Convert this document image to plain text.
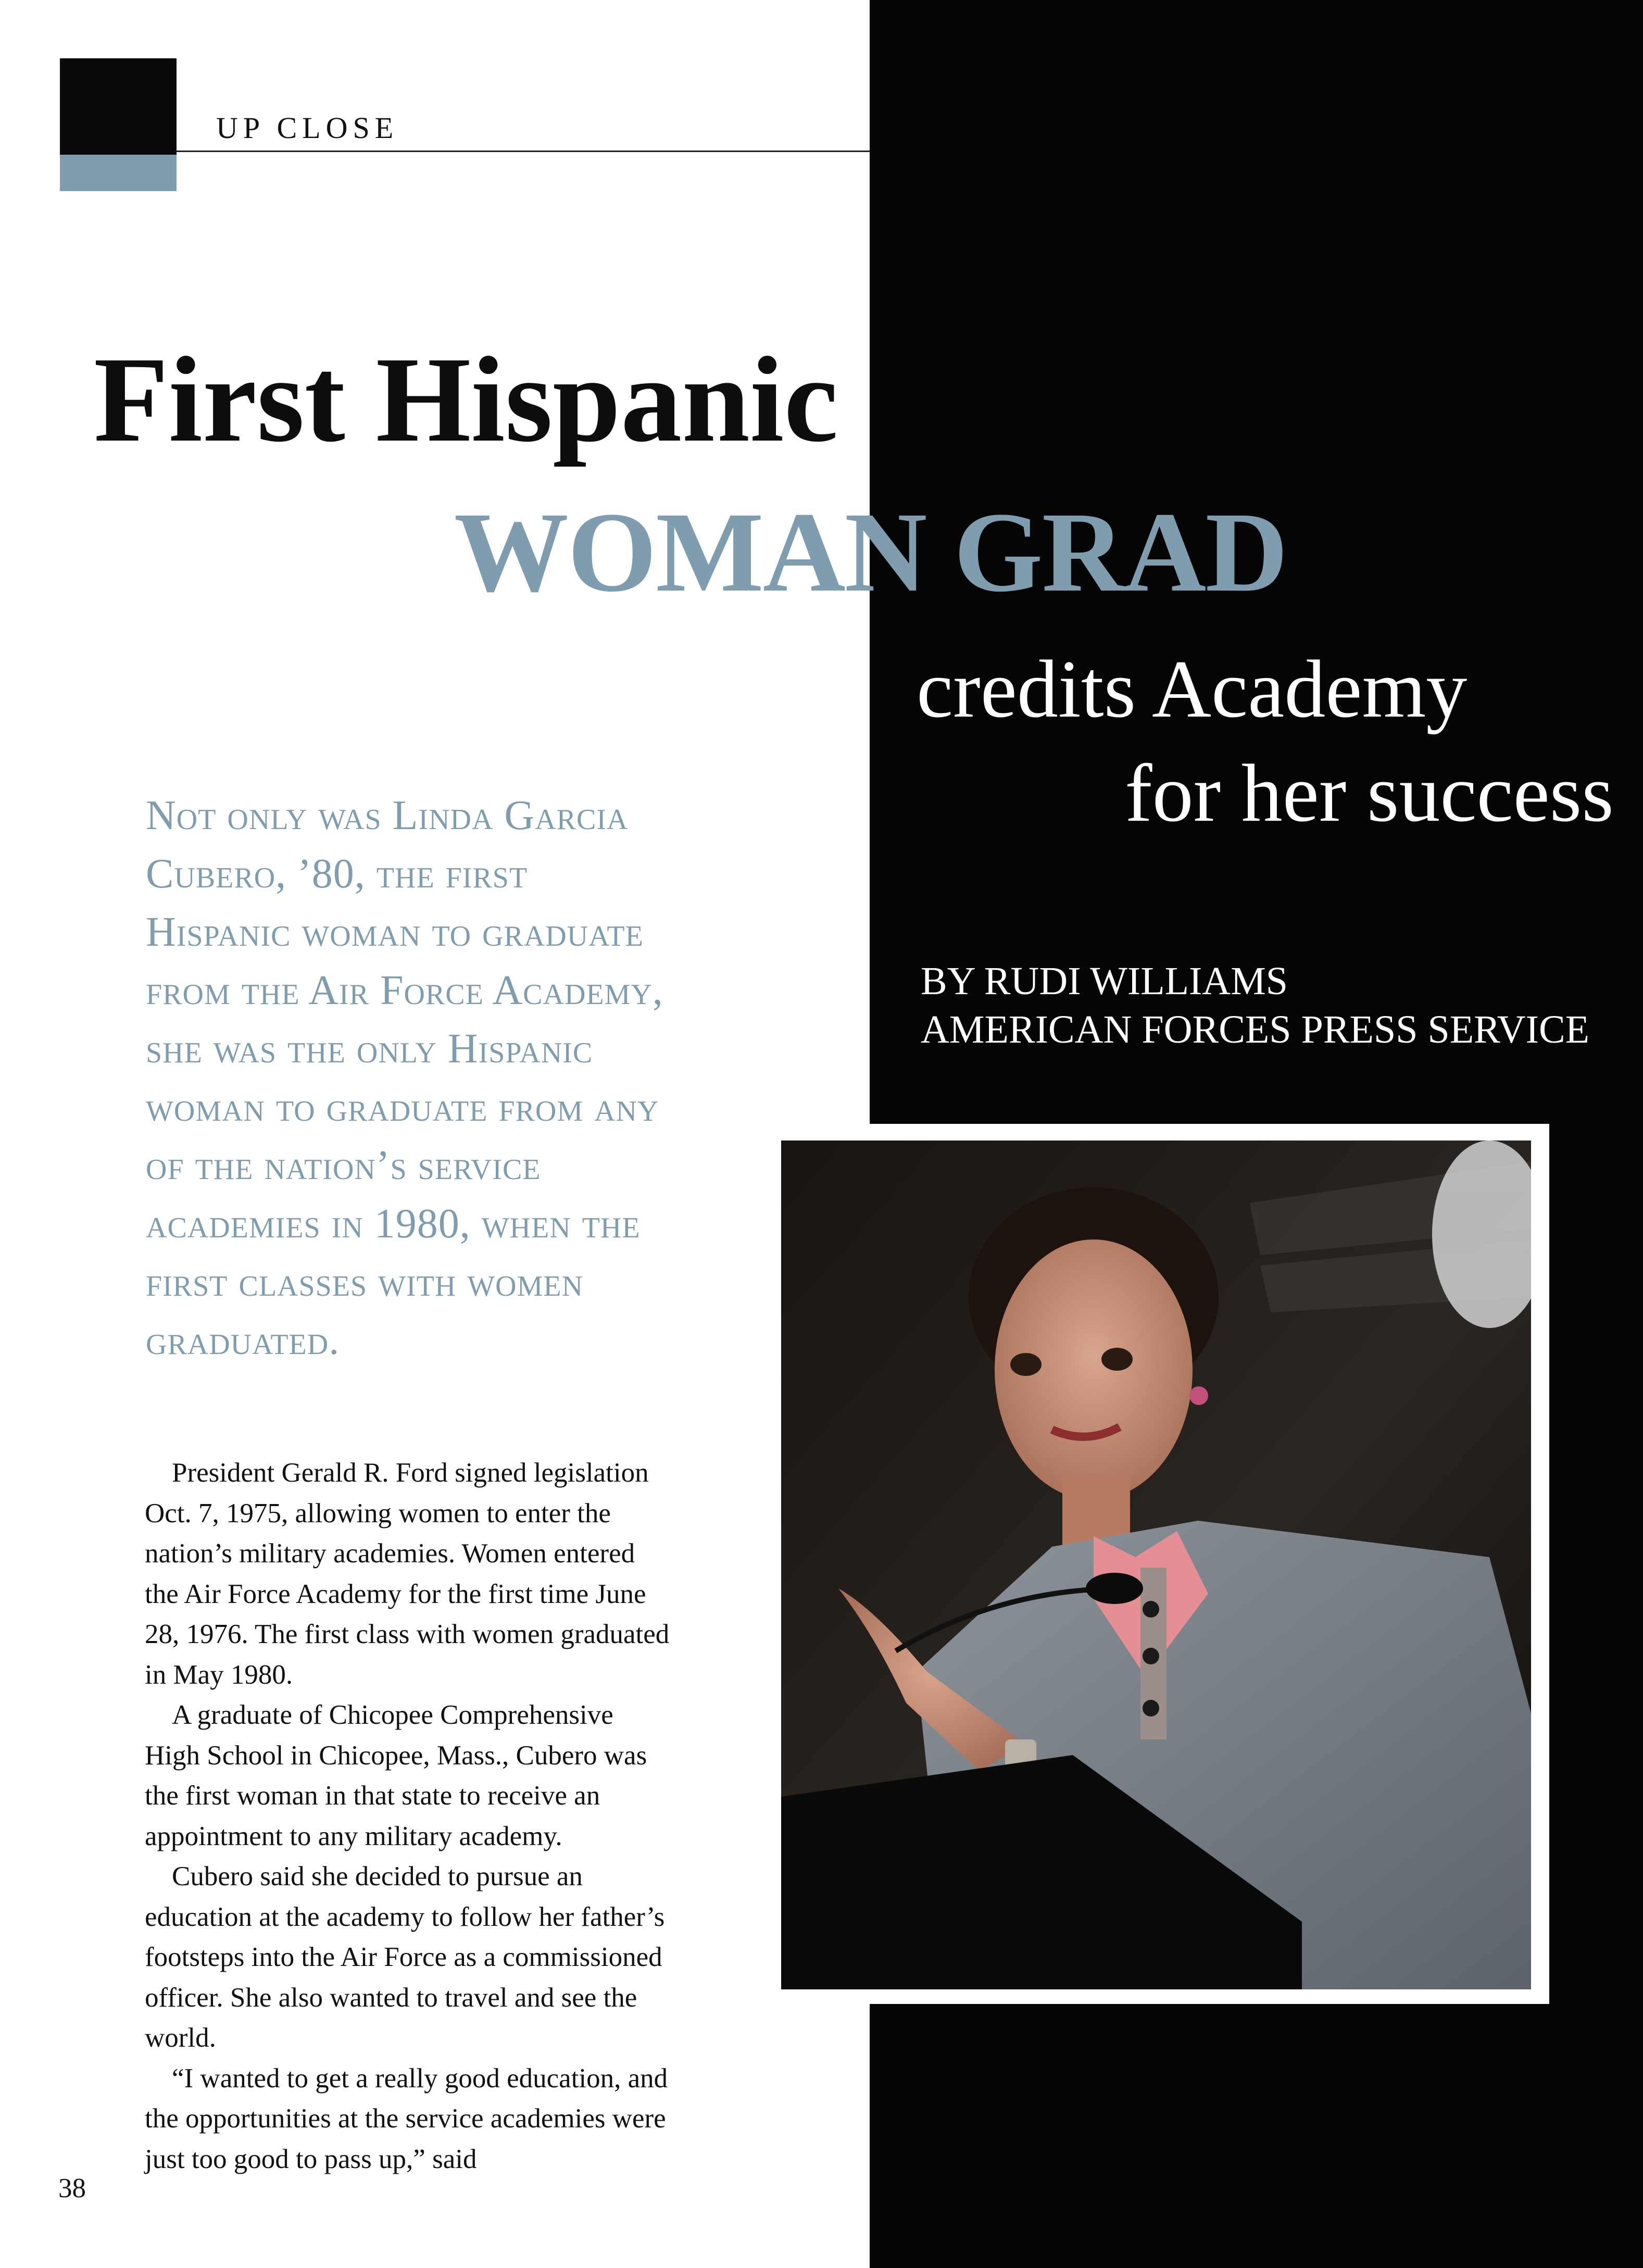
UP CLOSE
First Hispanic
WOMAN GRAD
credits Academy
for her success
BY RUDI WILLIAMS
AMERICAN FORCES PRESS SERVICE
Not only was Linda Garcia Cubero, ’80, the first Hispanic woman to graduate from the Air Force Academy, she was the only Hispanic woman to graduate from any of the nation’s service academies in 1980, when the first classes with women graduated.

President Gerald R. Ford signed legislation Oct. 7, 1975, allowing women to enter the nation’s military academies. Women entered the Air Force Academy for the first time June 28, 1976. The first class with women graduated in May 1980.

A graduate of Chicopee Comprehensive High School in Chicopee, Mass., Cubero was the first woman in that state to receive an appointment to any military academy.

Cubero said she decided to pursue an education at the academy to follow her father’s footsteps into the Air Force as a commissioned officer. She also wanted to travel and see the world.

“I wanted to get a really good education, and the opportunities at the service academies were just too good to pass up,” said

38
